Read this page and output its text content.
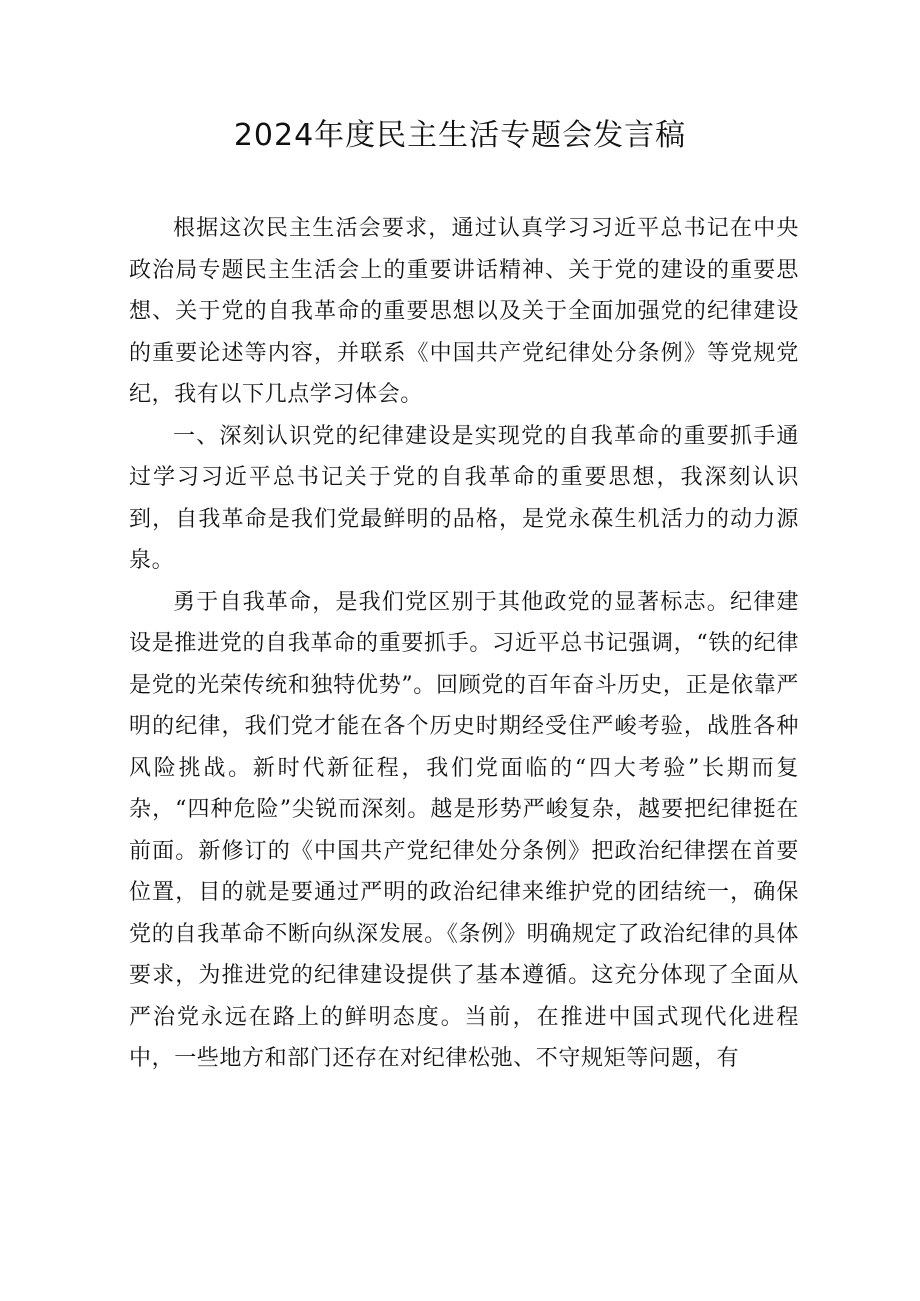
2024年度民主生活专题会发言稿

根据这次民主生活会要求，通过认真学习习近平总书记在中央政治局专题民主生活会上的重要讲话精神、关于党的建设的重要思想、关于党的自我革命的重要思想以及关于全面加强党的纪律建设的重要论述等内容，并联系《中国共产党纪律处分条例》等党规党纪，我有以下几点学习体会。

一、深刻认识党的纪律建设是实现党的自我革命的重要抓手通过学习习近平总书记关于党的自我革命的重要思想，我深刻认识到，自我革命是我们党最鲜明的品格，是党永葆生机活力的动力源泉。

勇于自我革命，是我们党区别于其他政党的显著标志。纪律建设是推进党的自我革命的重要抓手。习近平总书记强调，“铁的纪律是党的光荣传统和独特优势”。回顾党的百年奋斗历史，正是依靠严明的纪律，我们党才能在各个历史时期经受住严峻考验，战胜各种风险挑战。新时代新征程，我们党面临的“四大考验”长期而复杂，“四种危险”尖锐而深刻。越是形势严峻复杂，越要把纪律挺在前面。新修订的《中国共产党纪律处分条例》把政治纪律摆在首要位置，目的就是要通过严明的政治纪律来维护党的团结统一，确保党的自我革命不断向纵深发展。《条例》明确规定了政治纪律的具体要求，为推进党的纪律建设提供了基本遵循。这充分体现了全面从严治党永远在路上的鲜明态度。当前，在推进中国式现代化进程中，一些地方和部门还存在对纪律松弛、不守规矩等问题，有
